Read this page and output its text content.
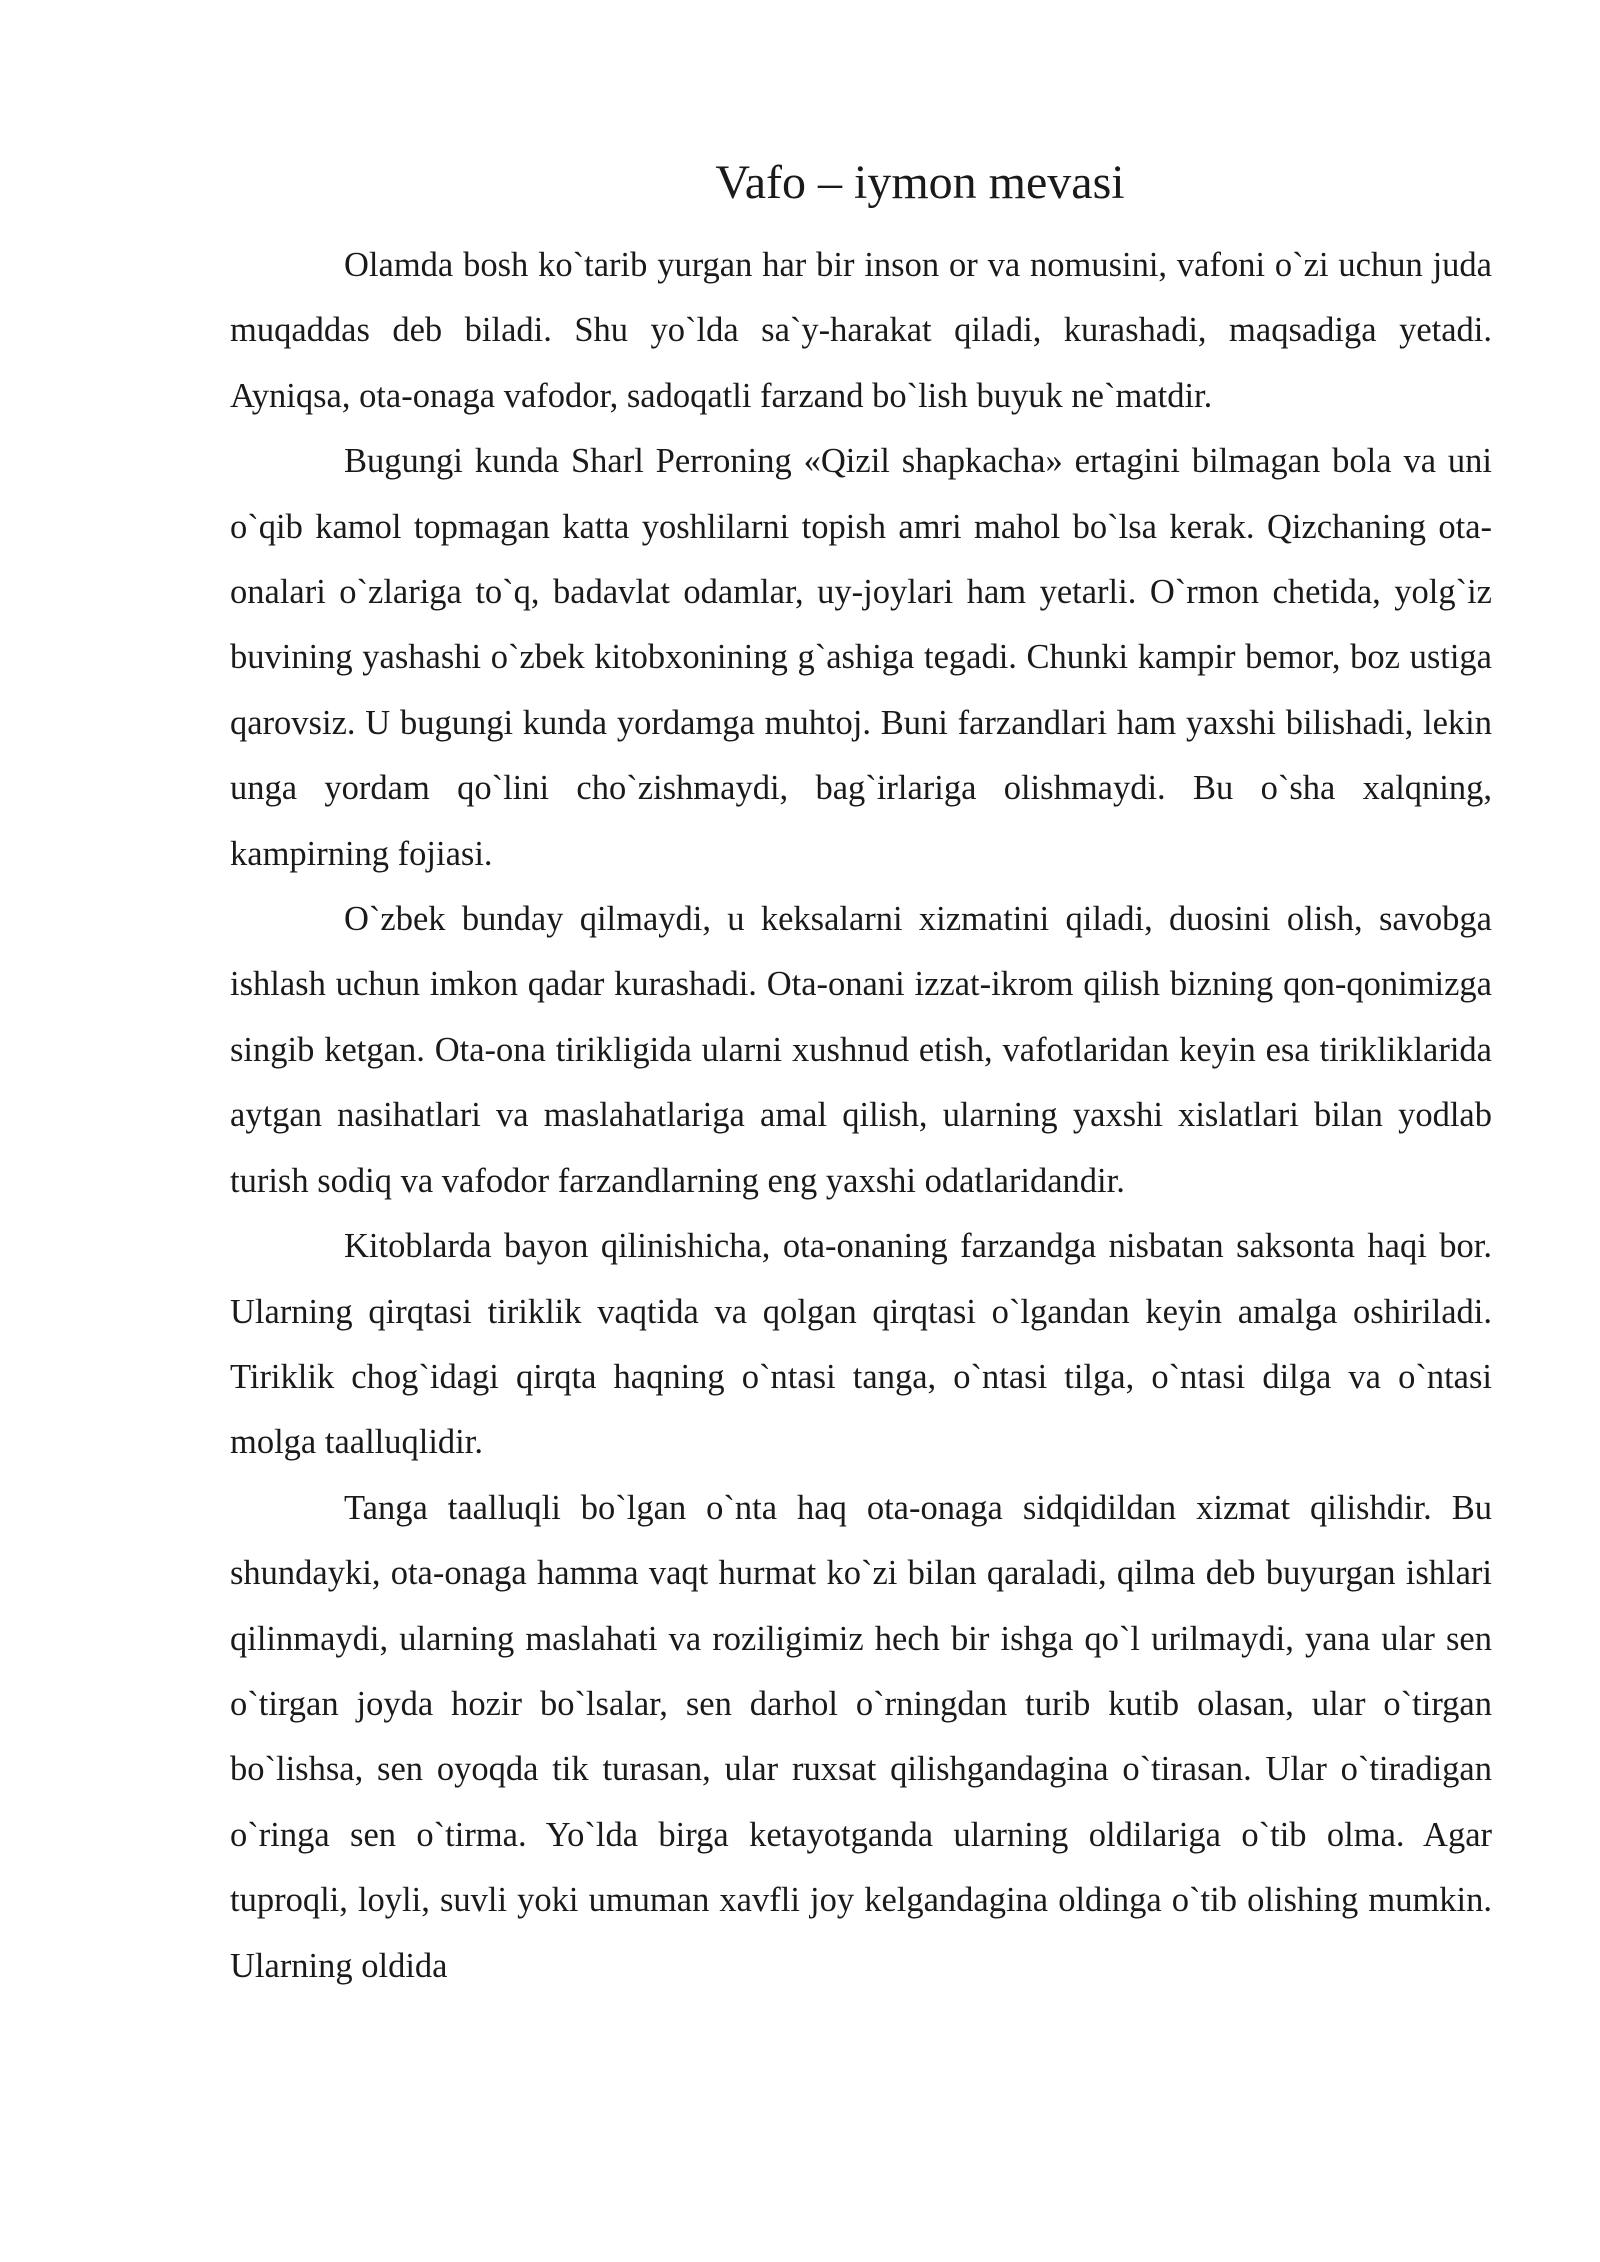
Vafo – iymon mevasi

Olamda bosh ko`tarib yurgan har bir inson or va nomusini, vafoni o`zi uchun juda muqaddas deb biladi. Shu yo`lda sa`y-harakat qiladi, kurashadi, maqsadiga yetadi. Ayniqsa, ota-onaga vafodor, sadoqatli farzand bo`lish buyuk ne`matdir.

Bugungi kunda Sharl Perroning «Qizil shapkacha» ertagini bilmagan bola va uni o`qib kamol topmagan katta yoshlilarni topish amri mahol bo`lsa kerak. Qizchaning ota-onalari o`zlariga to`q, badavlat odamlar, uy-joylari ham yetarli. O`rmon chetida, yolg`iz buvining yashashi o`zbek kitobxonining g`ashiga tegadi. Chunki kampir bemor, boz ustiga qarovsiz. U bugungi kunda yordamga muhtoj. Buni farzandlari ham yaxshi bilishadi, lekin unga yordam qo`lini cho`zishmaydi, bag`irlariga olishmaydi. Bu o`sha xalqning, kampirning fojiasi.

O`zbek bunday qilmaydi, u keksalarni xizmatini qiladi, duosini olish, savobga ishlash uchun imkon qadar kurashadi. Ota-onani izzat-ikrom qilish bizning qon-qonimizga singib ketgan. Ota-ona tirikligida ularni xushnud etish, vafotlaridan keyin esa tirikliklarida aytgan nasihatlari va maslahatlariga amal qilish, ularning yaxshi xislatlari bilan yodlab turish sodiq va vafodor farzandlarning eng yaxshi odatlaridandir.

Kitoblarda bayon qilinishicha, ota-onaning farzandga nisbatan saksonta haqi bor. Ularning qirqtasi tiriklik vaqtida va qolgan qirqtasi o`lgandan keyin amalga oshiriladi. Tiriklik chog`idagi qirqta haqning o`ntasi tanga, o`ntasi tilga, o`ntasi dilga va o`ntasi molga taalluqlidir.

Tanga taalluqli bo`lgan o`nta haq ota-onaga sidqidildan xizmat qilishdir. Bu shundayki, ota-onaga hamma vaqt hurmat ko`zi bilan qaraladi, qilma deb buyurgan ishlari qilinmaydi, ularning maslahati va roziligimiz hech bir ishga qo`l urilmaydi, yana ular sen o`tirgan joyda hozir bo`lsalar, sen darhol o`rningdan turib kutib olasan, ular o`tirgan bo`lishsa, sen oyoqda tik turasan, ular ruxsat qilishgandagina o`tirasan. Ular o`tiradigan o`ringa sen o`tirma. Yo`lda birga ketayotganda ularning oldilariga o`tib olma. Agar tuproqli, loyli, suvli yoki umuman xavfli joy kelgandagina oldinga o`tib olishing mumkin. Ularning oldida
